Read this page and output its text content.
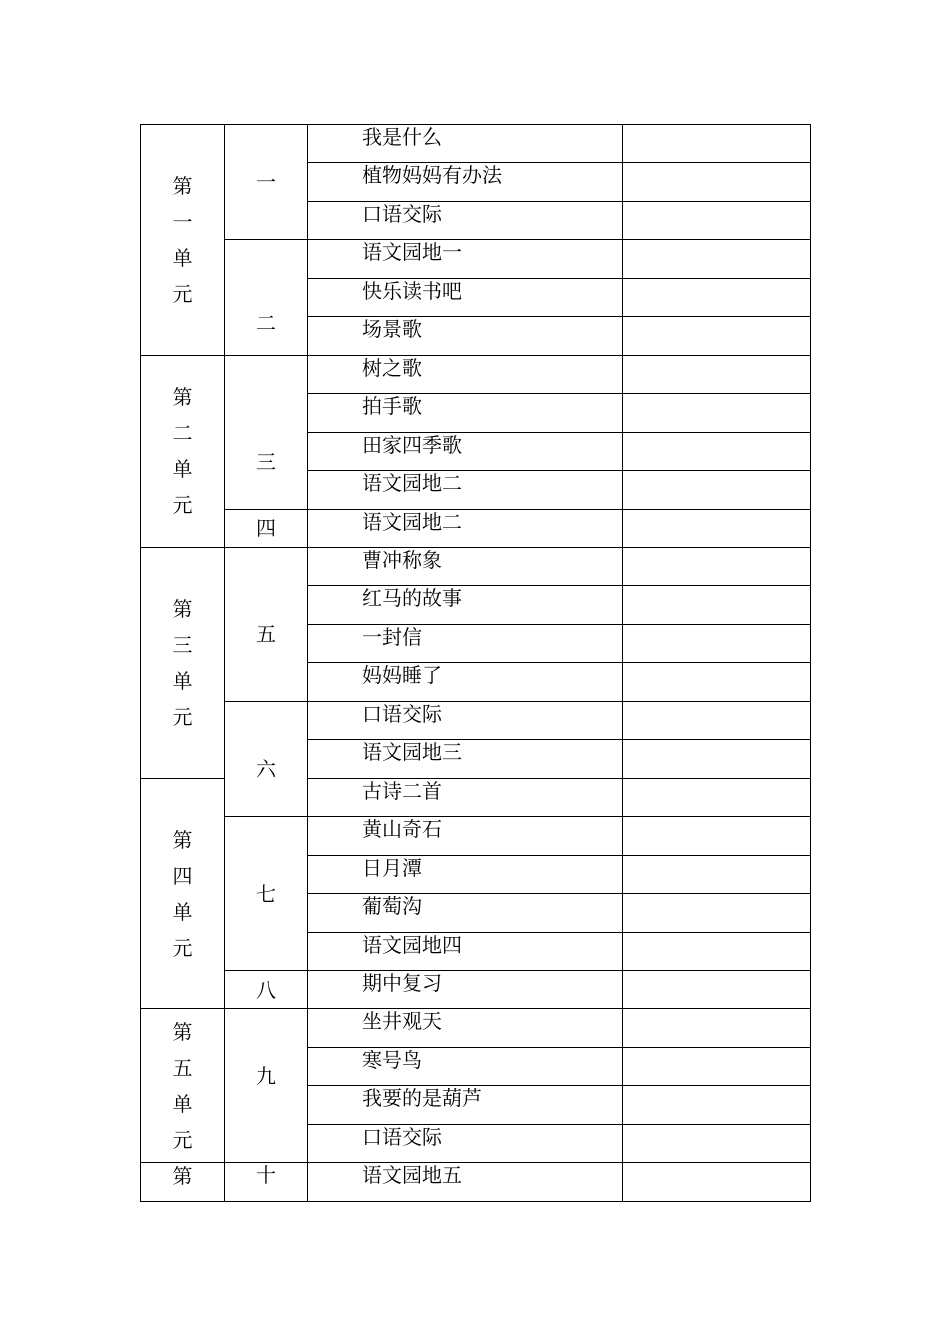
第一单元	一	我是什么	
		植物妈妈有办法	
		口语交际	
	二	语文园地一	
		快乐读书吧	
		场景歌	

第二单元	三	树之歌	
		拍手歌	
		田家四季歌	
		语文园地二	
	四	语文园地二	

第三单元	五	曹冲称象	
		红马的故事	
		一封信	
		妈妈睡了	
	六	口语交际	
		语文园地三	

第四单元		古诗二首	
	七	黄山奇石	
		日月潭	
		葡萄沟	
		语文园地四	
	八	期中复习	

第五单元	九	坐井观天	
		寒号鸟	
		我要的是葫芦	
		口语交际	

第	十	语文园地五	
